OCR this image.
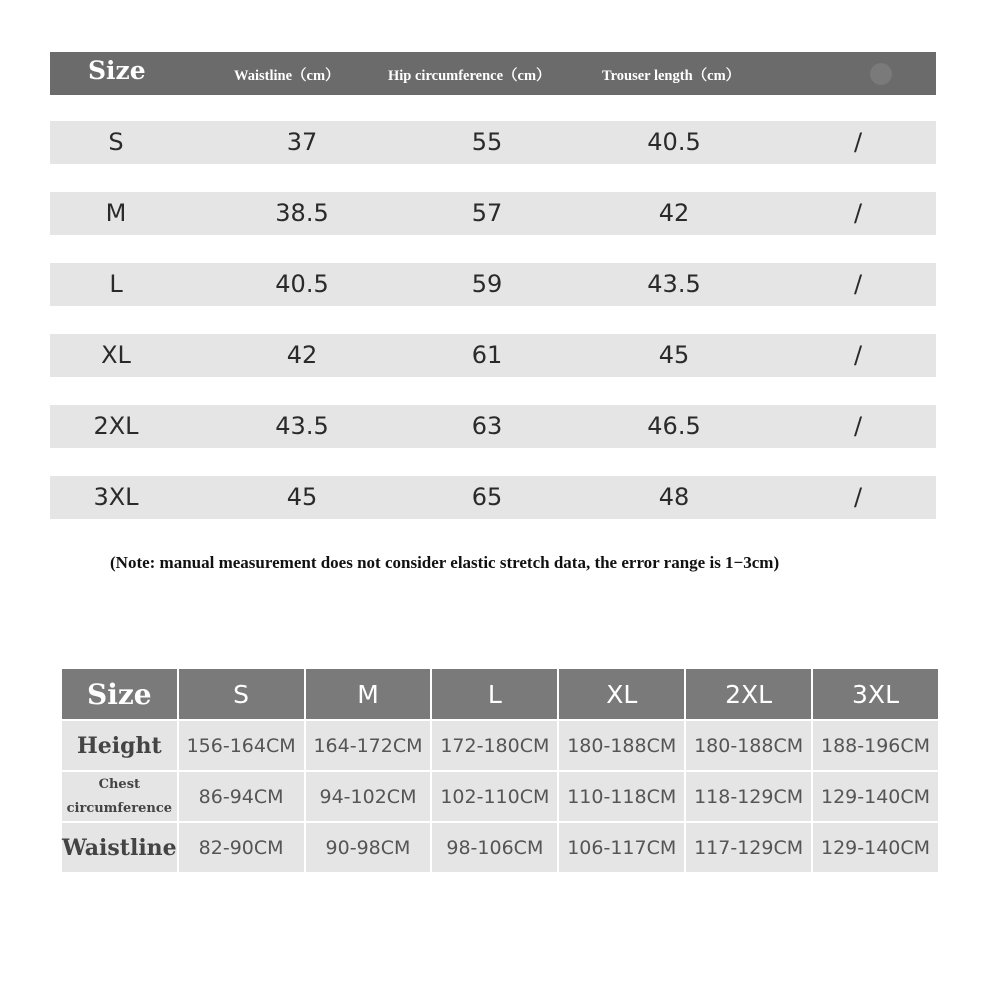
Size	Waistline（cm）	Hip circumference（cm）	Trouser length（cm）
S	37	55	40.5	/
M	38.5	57	42	/
L	40.5	59	43.5	/
XL	42	61	45	/
2XL	43.5	63	46.5	/
3XL	45	65	48	/
(Note: manual measurement does not consider elastic stretch data, the error range is 1−3cm)
Size	S	M	L	XL	2XL	3XL
Height	156-164CM	164-172CM	172-180CM	180-188CM	180-188CM	188-196CM
Chest circumference	86-94CM	94-102CM	102-110CM	110-118CM	118-129CM	129-140CM
Waistline	82-90CM	90-98CM	98-106CM	106-117CM	117-129CM	129-140CM
